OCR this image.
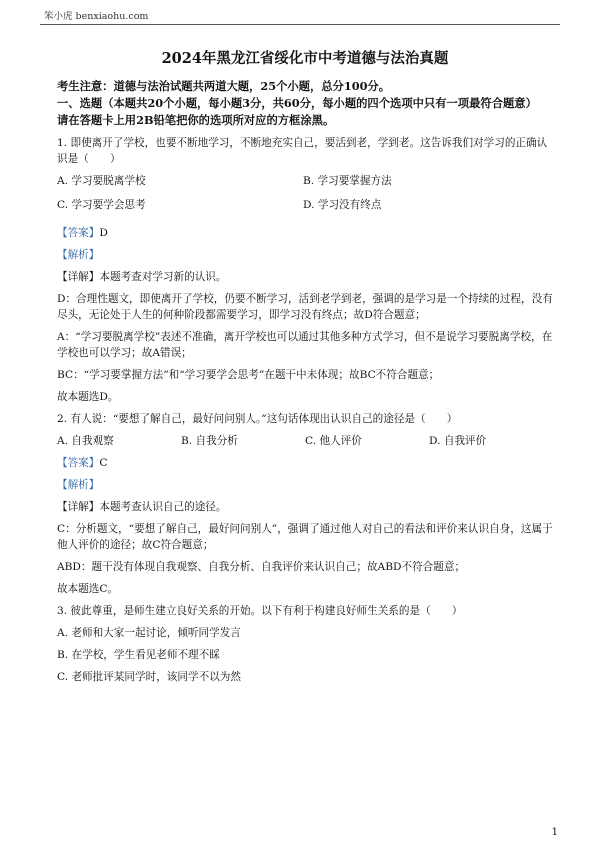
笨小虎 benxiaohu.com
2024年黑龙江省绥化市中考道德与法治真题
考生注意：道德与法治试题共两道大题，25个小题，总分100分。
一、选题（本题共20个小题，每小题3分，共60分，每小题的四个选项中只有一项最符合题意）
请在答题卡上用2B铅笔把你的选项所对应的方框涂黑。
1. 即使离开了学校，也要不断地学习，不断地充实自己，要活到老，学到老。这告诉我们对学习的正确认识是（　　）
A. 学习要脱离学校	B. 学习要掌握方法
C. 学习要学会思考	D. 学习没有终点
【答案】D
【解析】
【详解】本题考查对学习新的认识。
D：合理性题文，即使离开了学校，仍要不断学习，活到老学到老，强调的是学习是一个持续的过程，没有尽头，无论处于人生的何种阶段都需要学习，即学习没有终点；故D符合题意；
A：“学习要脱离学校”表述不准确，离开学校也可以通过其他多种方式学习，但不是说学习要脱离学校，在学校也可以学习；故A错误；
BC：“学习要掌握方法”和“学习要学会思考”在题干中未体现；故BC不符合题意；
故本题选D。
2. 有人说：“要想了解自己，最好问问别人。”这句话体现出认识自己的途径是（　　）
A. 自我观察	B. 自我分析	C. 他人评价	D. 自我评价
【答案】C
【解析】
【详解】本题考查认识自己的途径。
C：分析题文，“要想了解自己，最好问问别人”，强调了通过他人对自己的看法和评价来认识自身，这属于他人评价的途径；故C符合题意；
ABD：题干没有体现自我观察、自我分析、自我评价来认识自己；故ABD不符合题意；
故本题选C。
3. 彼此尊重，是师生建立良好关系的开始。以下有利于构建良好师生关系的是（　　）
A. 老师和大家一起讨论，倾听同学发言
B. 在学校，学生看见老师不理不睬
C. 老师批评某同学时，该同学不以为然
1
